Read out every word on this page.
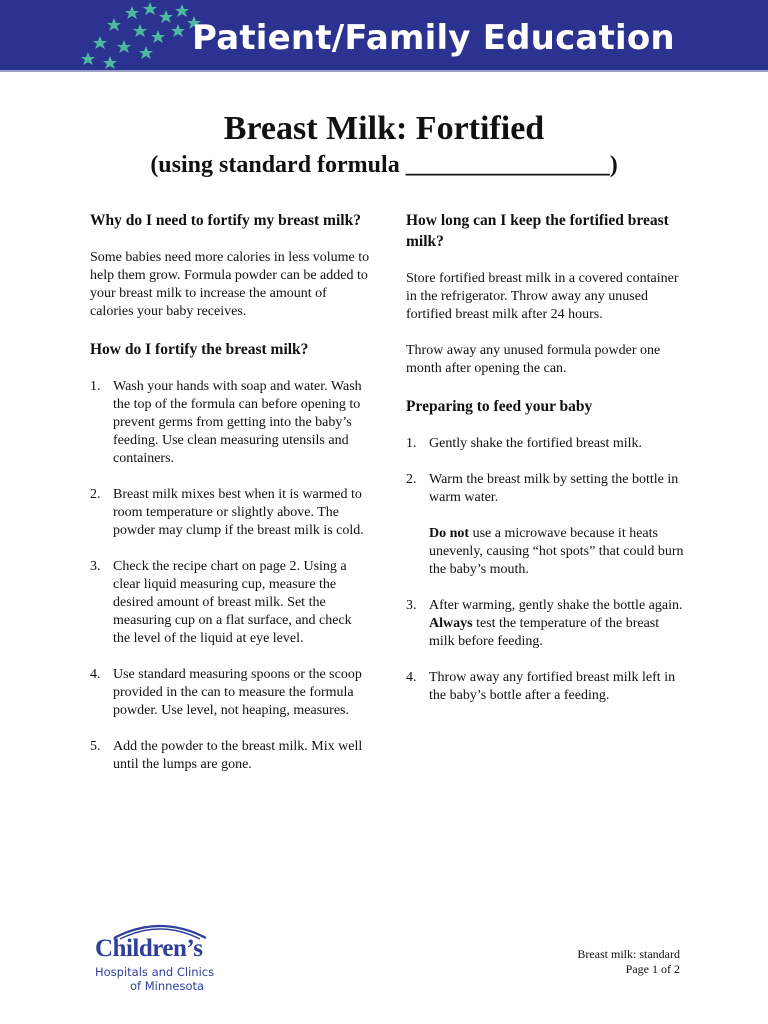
Patient/Family Education
Breast Milk: Fortified
(using standard formula _________________)
Why do I need to fortify my breast milk?

Some babies need more calories in less volume to help them grow. Formula powder can be added to your breast milk to increase the amount of calories your baby receives.

How do I fortify the breast milk?
1. Wash your hands with soap and water. Wash the top of the formula can before opening to prevent germs from getting into the baby’s feeding. Use clean measuring utensils and containers.
2. Breast milk mixes best when it is warmed to room temperature or slightly above. The powder may clump if the breast milk is cold.
3. Check the recipe chart on page 2. Using a clear liquid measuring cup, measure the desired amount of breast milk. Set the measuring cup on a flat surface, and check the level of the liquid at eye level.
4. Use standard measuring spoons or the scoop provided in the can to measure the formula powder. Use level, not heaping, measures.
5. Add the powder to the breast milk. Mix well until the lumps are gone.
How long can I keep the fortified breast milk?

Store fortified breast milk in a covered container in the refrigerator. Throw away any unused fortified breast milk after 24 hours.

Throw away any unused formula powder one month after opening the can.

Preparing to feed your baby
1. Gently shake the fortified breast milk.
2. Warm the breast milk by setting the bottle in warm water.
Do not use a microwave because it heats unevenly, causing “hot spots” that could burn the baby’s mouth.
3. After warming, gently shake the bottle again. Always test the temperature of the breast milk before feeding.
4. Throw away any fortified breast milk left in the baby’s bottle after a feeding.
Children’s
Hospitals and Clinics
of Minnesota
Breast milk: standard
Page 1 of 2
